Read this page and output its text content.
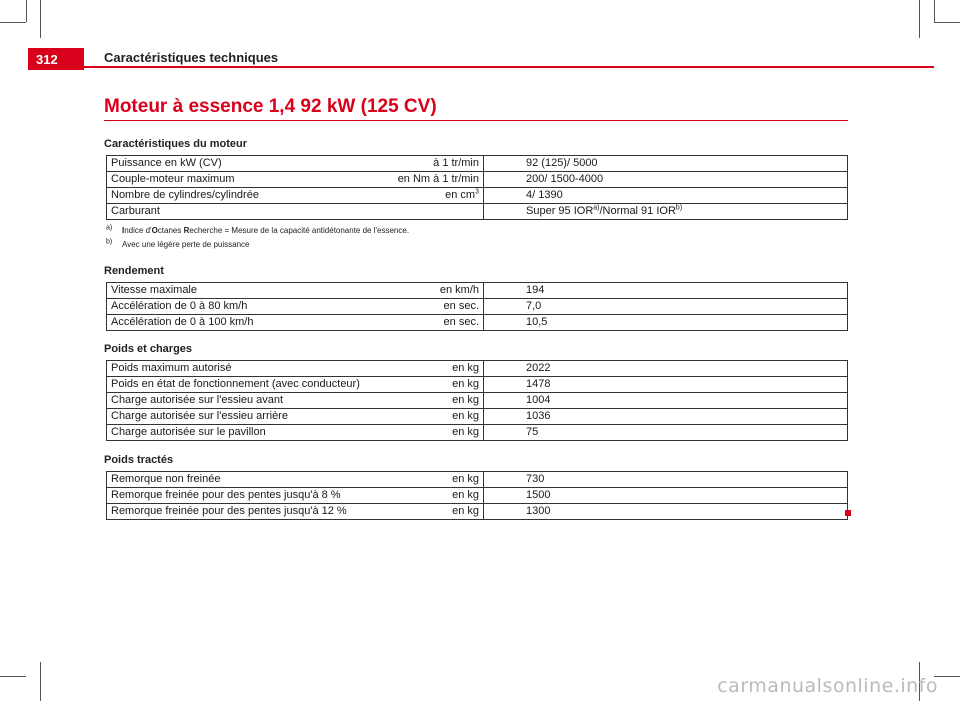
312	Caractéristiques techniques
Moteur à essence 1,4 92 kW (125 CV)
Caractéristiques du moteur
Puissance en kW (CV)	à 1 tr/min	92 (125)/ 5000
Couple-moteur maximum	en Nm à 1 tr/min	200/ 1500-4000
Nombre de cylindres/cylindrée	en $cm^3$	4/ 1390
Carburant		Super 95 IOR$^{a)}$/Normal 91 IOR$^{b)}$
$^{a)}$	Indice d'Octanes Recherche = Mesure de la capacité antidétonante de l'essence.
$^{b)}$	Avec une légère perte de puissance
Rendement
Vitesse maximale	en km/h	194
Accélération de 0 à 80 km/h	en sec.	7,0
Accélération de 0 à 100 km/h	en sec.	10,5
Poids et charges
Poids maximum autorisé	en kg	2022
Poids en état de fonctionnement (avec conducteur)	en kg	1478
Charge autorisée sur l'essieu avant	en kg	1004
Charge autorisée sur l'essieu arrière	en kg	1036
Charge autorisée sur le pavillon	en kg	75
Poids tractés
Remorque non freinée	en kg	730
Remorque freinée pour des pentes jusqu'à 8 %	en kg	1500
Remorque freinée pour des pentes jusqu'à 12 %	en kg	1300
carmanualsonline.info
